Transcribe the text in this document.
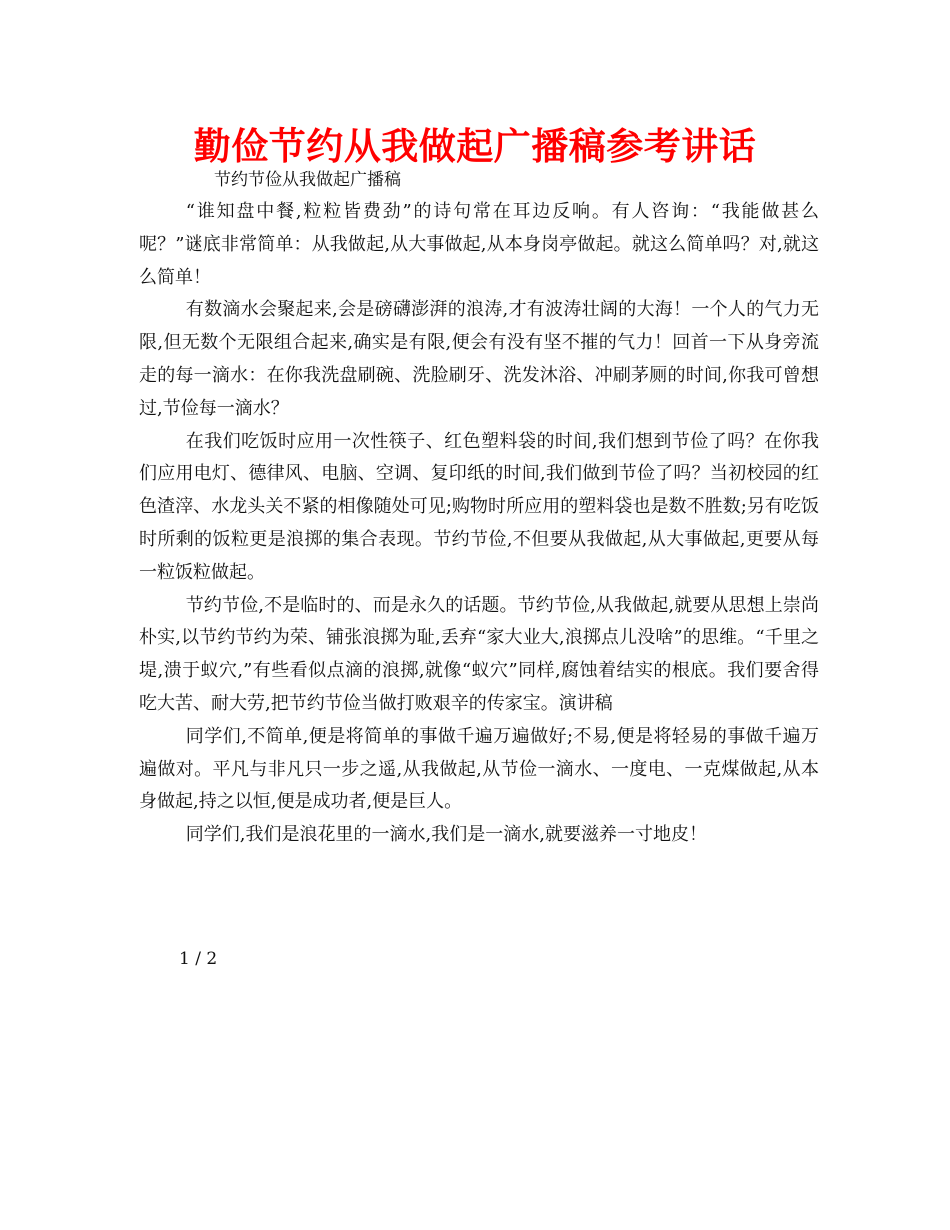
勤俭节约从我做起广播稿参考讲话
节约节俭从我做起广播稿

“谁知盘中餐,粒粒皆费劲”的诗句常在耳边反响。有人咨询：“我能做甚么呢？”谜底非常简单：从我做起,从大事做起,从本身岗亭做起。就这么简单吗？对,就这么简单！

有数滴水会聚起来,会是磅礴澎湃的浪涛,才有波涛壮阔的大海！一个人的气力无限,但无数个无限组合起来,确实是有限,便会有没有坚不摧的气力！回首一下从身旁流走的每一滴水：在你我洗盘刷碗、洗脸刷牙、洗发沐浴、冲刷茅厕的时间,你我可曾想过,节俭每一滴水？

在我们吃饭时应用一次性筷子、红色塑料袋的时间,我们想到节俭了吗？在你我们应用电灯、德律风、电脑、空调、复印纸的时间,我们做到节俭了吗？当初校园的红色渣滓、水龙头关不紧的相像随处可见;购物时所应用的塑料袋也是数不胜数;另有吃饭时所剩的饭粒更是浪掷的集合表现。节约节俭,不但要从我做起,从大事做起,更要从每一粒饭粒做起。

节约节俭,不是临时的、而是永久的话题。节约节俭,从我做起,就要从思想上崇尚朴实,以节约节约为荣、铺张浪掷为耻,丢弃“家大业大,浪掷点儿没啥”的思维。“千里之堤,溃于蚁穴,”有些看似点滴的浪掷,就像“蚁穴”同样,腐蚀着结实的根底。我们要舍得吃大苦、耐大劳,把节约节俭当做打败艰辛的传家宝。演讲稿

同学们,不简单,便是将简单的事做千遍万遍做好;不易,便是将轻易的事做千遍万遍做对。平凡与非凡只一步之遥,从我做起,从节俭一滴水、一度电、一克煤做起,从本身做起,持之以恒,便是成功者,便是巨人。

同学们,我们是浪花里的一滴水,我们是一滴水,就要滋养一寸地皮！

1 / 2
